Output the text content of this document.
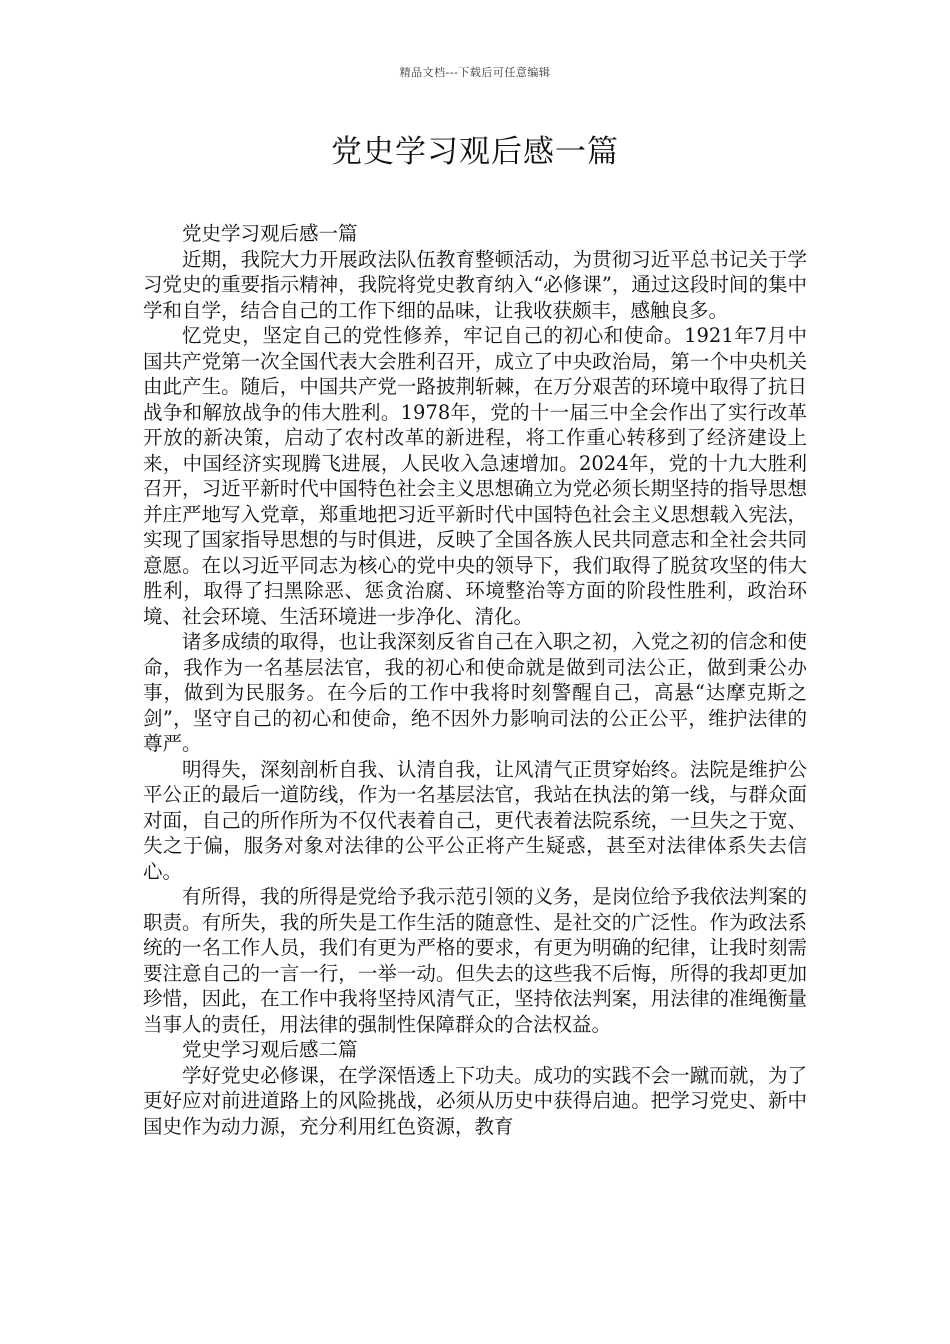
精品文档---下载后可任意编辑
党史学习观后感一篇

党史学习观后感一篇

近期，我院大力开展政法队伍教育整顿活动，为贯彻习近平总书记关于学习党史的重要指示精神，我院将党史教育纳入“必修课”，通过这段时间的集中学和自学，结合自己的工作下细的品味，让我收获颇丰，感触良多。

忆党史，坚定自己的党性修养，牢记自己的初心和使命。1921年7月中国共产党第一次全国代表大会胜利召开，成立了中央政治局，第一个中央机关由此产生。随后，中国共产党一路披荆斩棘，在万分艰苦的环境中取得了抗日战争和解放战争的伟大胜利。1978年，党的十一届三中全会作出了实行改革开放的新决策，启动了农村改革的新进程，将工作重心转移到了经济建设上来，中国经济实现腾飞进展，人民收入急速增加。2024年，党的十九大胜利召开，习近平新时代中国特色社会主义思想确立为党必须长期坚持的指导思想并庄严地写入党章，郑重地把习近平新时代中国特色社会主义思想载入宪法，实现了国家指导思想的与时俱进，反映了全国各族人民共同意志和全社会共同意愿。在以习近平同志为核心的党中央的领导下，我们取得了脱贫攻坚的伟大胜利，取得了扫黑除恶、惩贪治腐、环境整治等方面的阶段性胜利，政治环境、社会环境、生活环境进一步净化、清化。

诸多成绩的取得，也让我深刻反省自己在入职之初，入党之初的信念和使命，我作为一名基层法官，我的初心和使命就是做到司法公正，做到秉公办事，做到为民服务。在今后的工作中我将时刻警醒自己，高悬“达摩克斯之剑”，坚守自己的初心和使命，绝不因外力影响司法的公正公平，维护法律的尊严。

明得失，深刻剖析自我、认清自我，让风清气正贯穿始终。法院是维护公平公正的最后一道防线，作为一名基层法官，我站在执法的第一线，与群众面对面，自己的所作所为不仅代表着自己，更代表着法院系统，一旦失之于宽、失之于偏，服务对象对法律的公平公正将产生疑惑，甚至对法律体系失去信心。

有所得，我的所得是党给予我示范引领的义务，是岗位给予我依法判案的职责。有所失，我的所失是工作生活的随意性、是社交的广泛性。作为政法系统的一名工作人员，我们有更为严格的要求，有更为明确的纪律，让我时刻需要注意自己的一言一行，一举一动。但失去的这些我不后悔，所得的我却更加珍惜，因此，在工作中我将坚持风清气正，坚持依法判案，用法律的准绳衡量当事人的责任，用法律的强制性保障群众的合法权益。

党史学习观后感二篇

学好党史必修课，在学深悟透上下功夫。成功的实践不会一蹴而就，为了更好应对前进道路上的风险挑战，必须从历史中获得启迪。把学习党史、新中国史作为动力源，充分利用红色资源，教育
